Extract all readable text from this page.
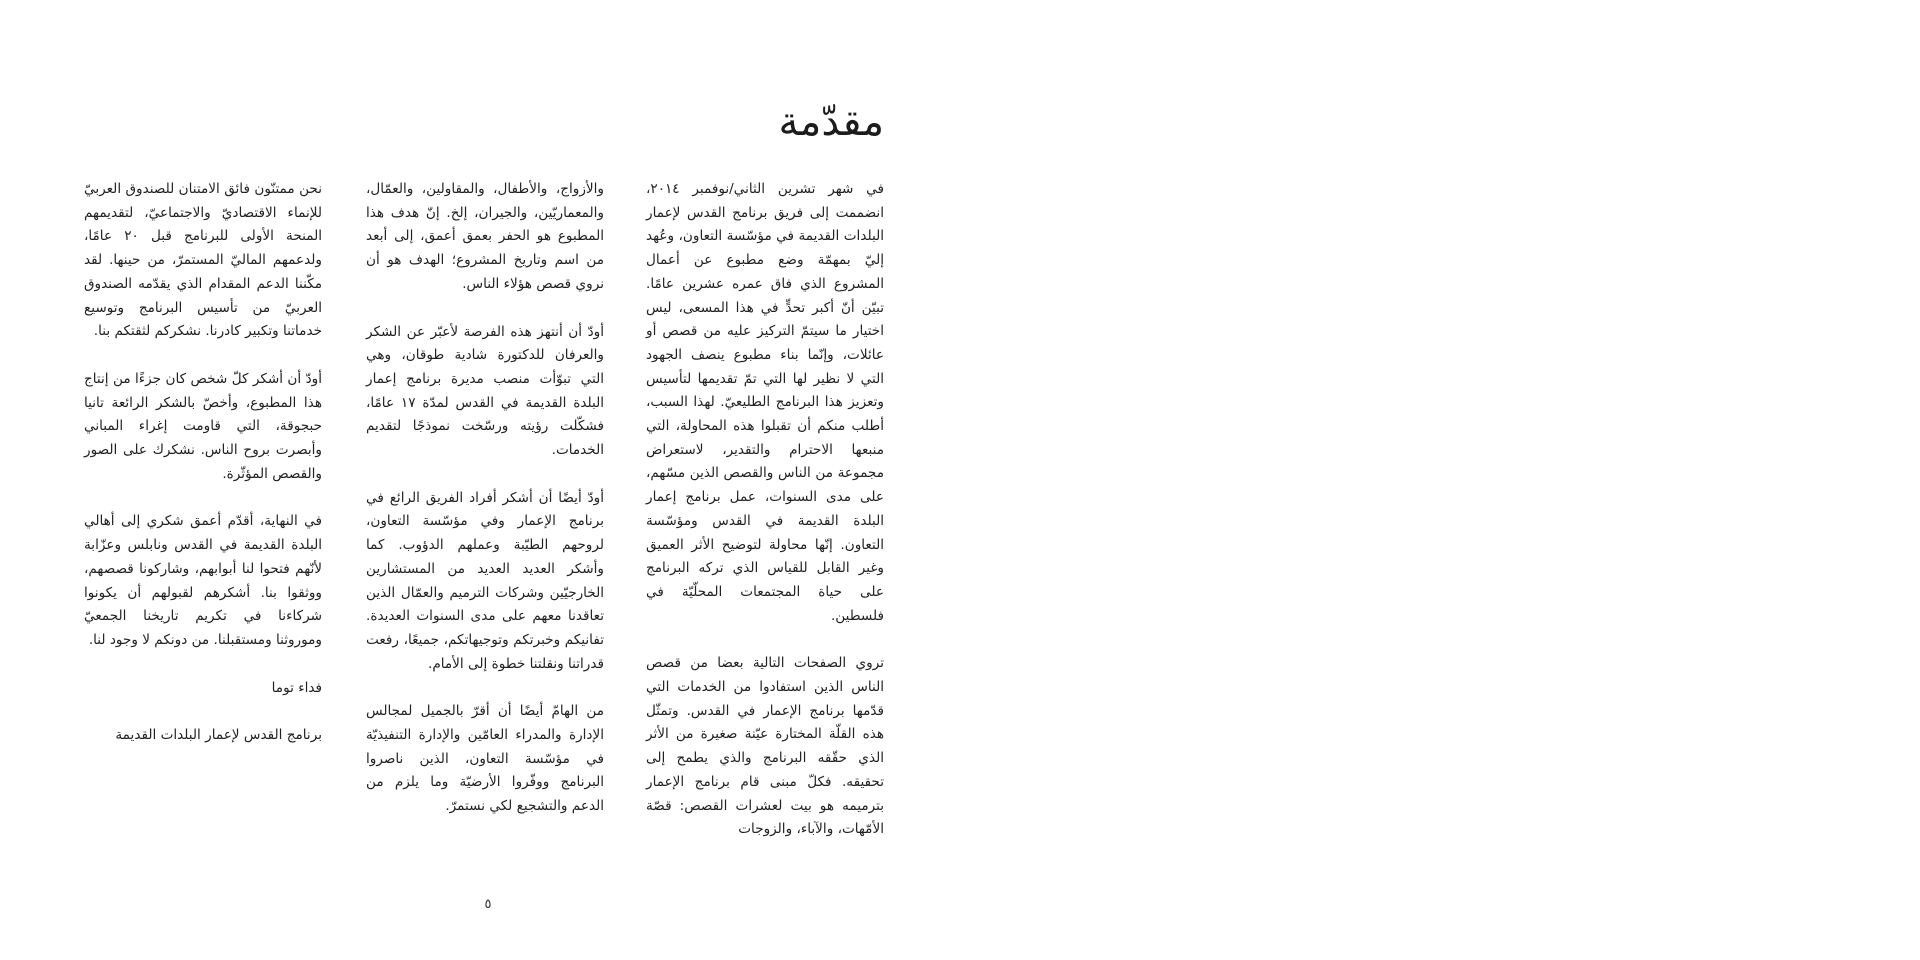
مقدّمة

في شهر تشرين الثاني/نوفمبر ٢٠١٤، انضممت إلى فريق برنامج القدس لإعمار البلدات القديمة في مؤسّسة التعاون، وعُهد إليّ بمهمّة وضع مطبوع عن أعمال المشروع الذي فاق عمره عشرين عامًا. تبيّن أنّ أكبر تحدٍّ في هذا المسعى، ليس اختيار ما سيتمّ التركيز عليه من قصص أو عائلات، وإنّما بناء مطبوع ينصف الجهود التي لا نظير لها التي تمّ تقديمها لتأسيس وتعزيز هذا البرنامج الطليعيّ. لهذا السبب، أطلب منكم أن تقبلوا هذه المحاولة، التي منبعها الاحترام والتقدير، لاستعراض مجموعة من الناس والقصص الذين مسّهم، على مدى السنوات، عمل برنامج إعمار البلدة القديمة في القدس ومؤسّسة التعاون. إنّها محاولة لتوضيح الأثر العميق وغير القابل للقياس الذي تركه البرنامج على حياة المجتمعات المحلّيّة في فلسطين.

تروي الصفحات التالية بعضا من قصص الناس الذين استفادوا من الخدمات التي قدّمها برنامج الإعمار في القدس. وتمثّل هذه القلّة المختارة عيّنة صغيرة من الأثر الذي حقّقه البرنامج والذي يطمح إلى تحقيقه. فكلّ مبنى قام برنامج الإعمار بترميمه هو بيت لعشرات القصص: قصّة الأمّهات، والآباء، والزوجات

والأزواج، والأطفال، والمقاولين، والعمّال، والمعماريّين، والجيران، إلخ. إنّ هدف هذا المطبوع هو الحفر بعمق أعمق، إلى أبعد من اسم وتاريخ المشروع؛ الهدف هو أن نروي قصص هؤلاء الناس.

أودّ أن أنتهز هذه الفرصة لأعبّر عن الشكر والعرفان للدكتورة شادية طوقان، وهي التي تبوّأت منصب مديرة برنامج إعمار البلدة القديمة في القدس لمدّة ١٧ عامًا، فشكّلت رؤيته ورسّخت نموذجًا لتقديم الخدمات.

أودّ أيضًا أن أشكر أفراد الفريق الرائع في برنامج الإعمار وفي مؤسّسة التعاون، لروحهم الطيّبة وعملهم الدؤوب. كما وأشكر العديد العديد من المستشارين الخارجيّين وشركات الترميم والعمّال الذين تعاقدنا معهم على مدى السنوات العديدة. تفانيكم وخبرتكم وتوجيهاتكم، جميعًا، رفعت قدراتنا ونقلتنا خطوة إلى الأمام.

من الهامّ أيضًا أن أقرّ بالجميل لمجالس الإدارة والمدراء العامّين والإدارة التنفيذيّة في مؤسّسة التعاون، الذين ناصروا البرنامج ووفّروا الأرضيّة وما يلزم من الدعم والتشجيع لكي نستمرّ.

نحن ممتنّون فائق الامتنان للصندوق العربيّ للإنماء الاقتصاديّ والاجتماعيّ، لتقديمهم المنحة الأولى للبرنامج قبل ٢٠ عامًا، ولدعمهم الماليّ المستمرّ، من حينها. لقد مكّننا الدعم المقدام الذي يقدّمه الصندوق العربيّ من تأسيس البرنامج وتوسيع خدماتنا وتكبير كادرنا. نشكركم لثقتكم بنا.

أودّ أن أشكر كلّ شخص كان جزءًا من إنتاج هذا المطبوع، وأخصّ بالشكر الرائعة تانيا حبجوقة، التي قاومت إغراء المباني وأبصرت بروح الناس. نشكرك على الصور والقصص المؤثّرة.

في النهاية، أقدّم أعمق شكري إلى أهالي البلدة القديمة في القدس ونابلس وعزّابة لأنّهم فتحوا لنا أبوابهم، وشاركونا قصصهم، ووثقوا بنا. أشكرهم لقبولهم أن يكونوا شركاءنا في تكريم تاريخنا الجمعيّ وموروثنا ومستقبلنا. من دونكم لا وجود لنا.

فداء توما

برنامج القدس لإعمار البلدات القديمة

٥
